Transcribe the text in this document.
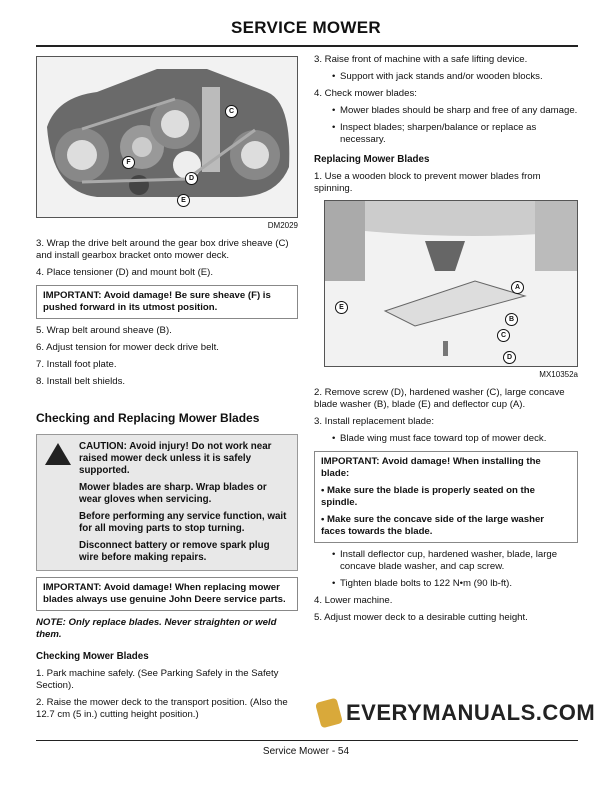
SERVICE MOWER
C
F
D
E
DM2029

3. Wrap the drive belt around the gear box drive sheave (C) and install gearbox bracket onto mower deck.

4. Place tensioner (D) and mount bolt (E).

IMPORTANT: Avoid damage! Be sure sheave (F) is pushed forward in its utmost position.

5. Wrap belt around sheave (B).

6. Adjust tension for mower deck drive belt.

7. Install foot plate.

8. Install belt shields.

Checking and Replacing Mower Blades

CAUTION: Avoid injury! Do not work near raised mower deck unless it is safely supported.

Mower blades are sharp. Wrap blades or wear gloves when servicing.

Before performing any service function, wait for all moving parts to stop turning.

Disconnect battery or remove spark plug wire before making repairs.

IMPORTANT: Avoid damage! When replacing mower blades always use genuine John Deere service parts.

NOTE: Only replace blades. Never straighten or weld them.

Checking Mower Blades

1. Park machine safely. (See Parking Safely in the Safety Section).

2. Raise the mower deck to the transport position. (Also the 12.7 cm (5 in.) cutting height position.)

3. Raise front of machine with a safe lifting device.

• Support with jack stands and/or wooden blocks.

4. Check mower blades:

• Mower blades should be sharp and free of any damage.

• Inspect blades; sharpen/balance or replace as necessary.

Replacing Mower Blades

1. Use a wooden block to prevent mower blades from spinning.

A
E
B
C
D
MX10352a

2. Remove screw (D), hardened washer (C), large concave blade washer (B), blade (E) and deflector cup (A).

3. Install replacement blade:

• Blade wing must face toward top of mower deck.

IMPORTANT: Avoid damage! When installing the blade:

• Make sure the blade is properly seated on the spindle.

• Make sure the concave side of the large washer faces towards the blade.

• Install deflector cup, hardened washer, blade, large concave blade washer, and cap screw.

• Tighten blade bolts to 122 N•m (90 lb-ft).

4. Lower machine.

5. Adjust mower deck to a desirable cutting height.

EVERYMANUALS.COM
Service Mower - 54
